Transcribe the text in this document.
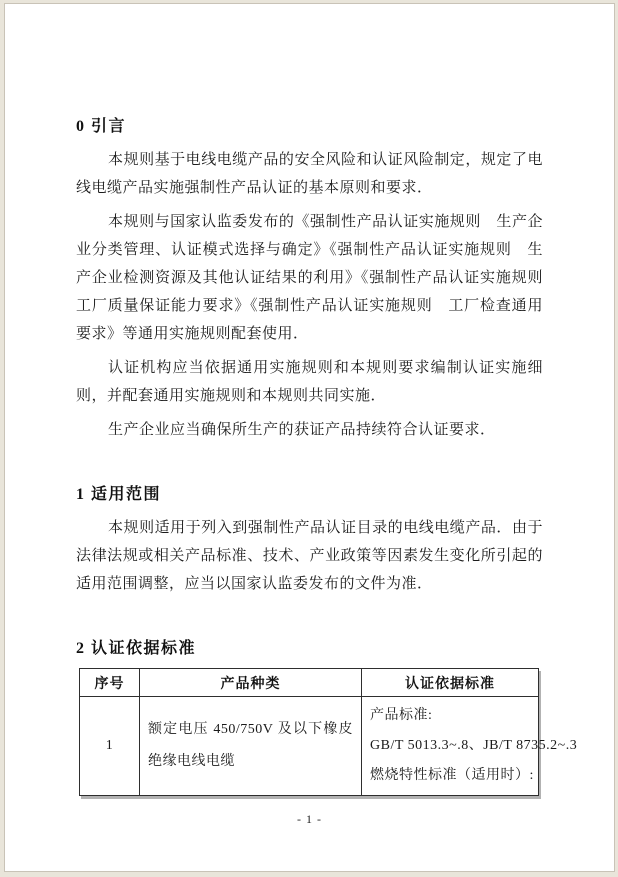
0 引言

本规则基于电线电缆产品的安全风险和认证风险制定，规定了电线电缆产品实施强制性产品认证的基本原则和要求．

本规则与国家认监委发布的《强制性产品认证实施规则　生产企业分类管理、认证模式选择与确定》《强制性产品认证实施规则　生产企业检测资源及其他认证结果的利用》《强制性产品认证实施规则　工厂质量保证能力要求》《强制性产品认证实施规则　工厂检查通用要求》等通用实施规则配套使用．

认证机构应当依据通用实施规则和本规则要求编制认证实施细则，并配套通用实施规则和本规则共同实施．

生产企业应当确保所生产的获证产品持续符合认证要求．

1 适用范围

本规则适用于列入到强制性产品认证目录的电线电缆产品．由于法律法规或相关产品标准、技术、产业政策等因素发生变化所引起的适用范围调整，应当以国家认监委发布的文件为准．

2 认证依据标准
序号	产品种类	认证依据标准
1	额定电压 450/750V 及以下橡皮绝缘电线电缆	产品标准:
GB/T 5013.3~.8、JB/T 8735.2~.3
燃烧特性标准（适用时）:
- 1 -
